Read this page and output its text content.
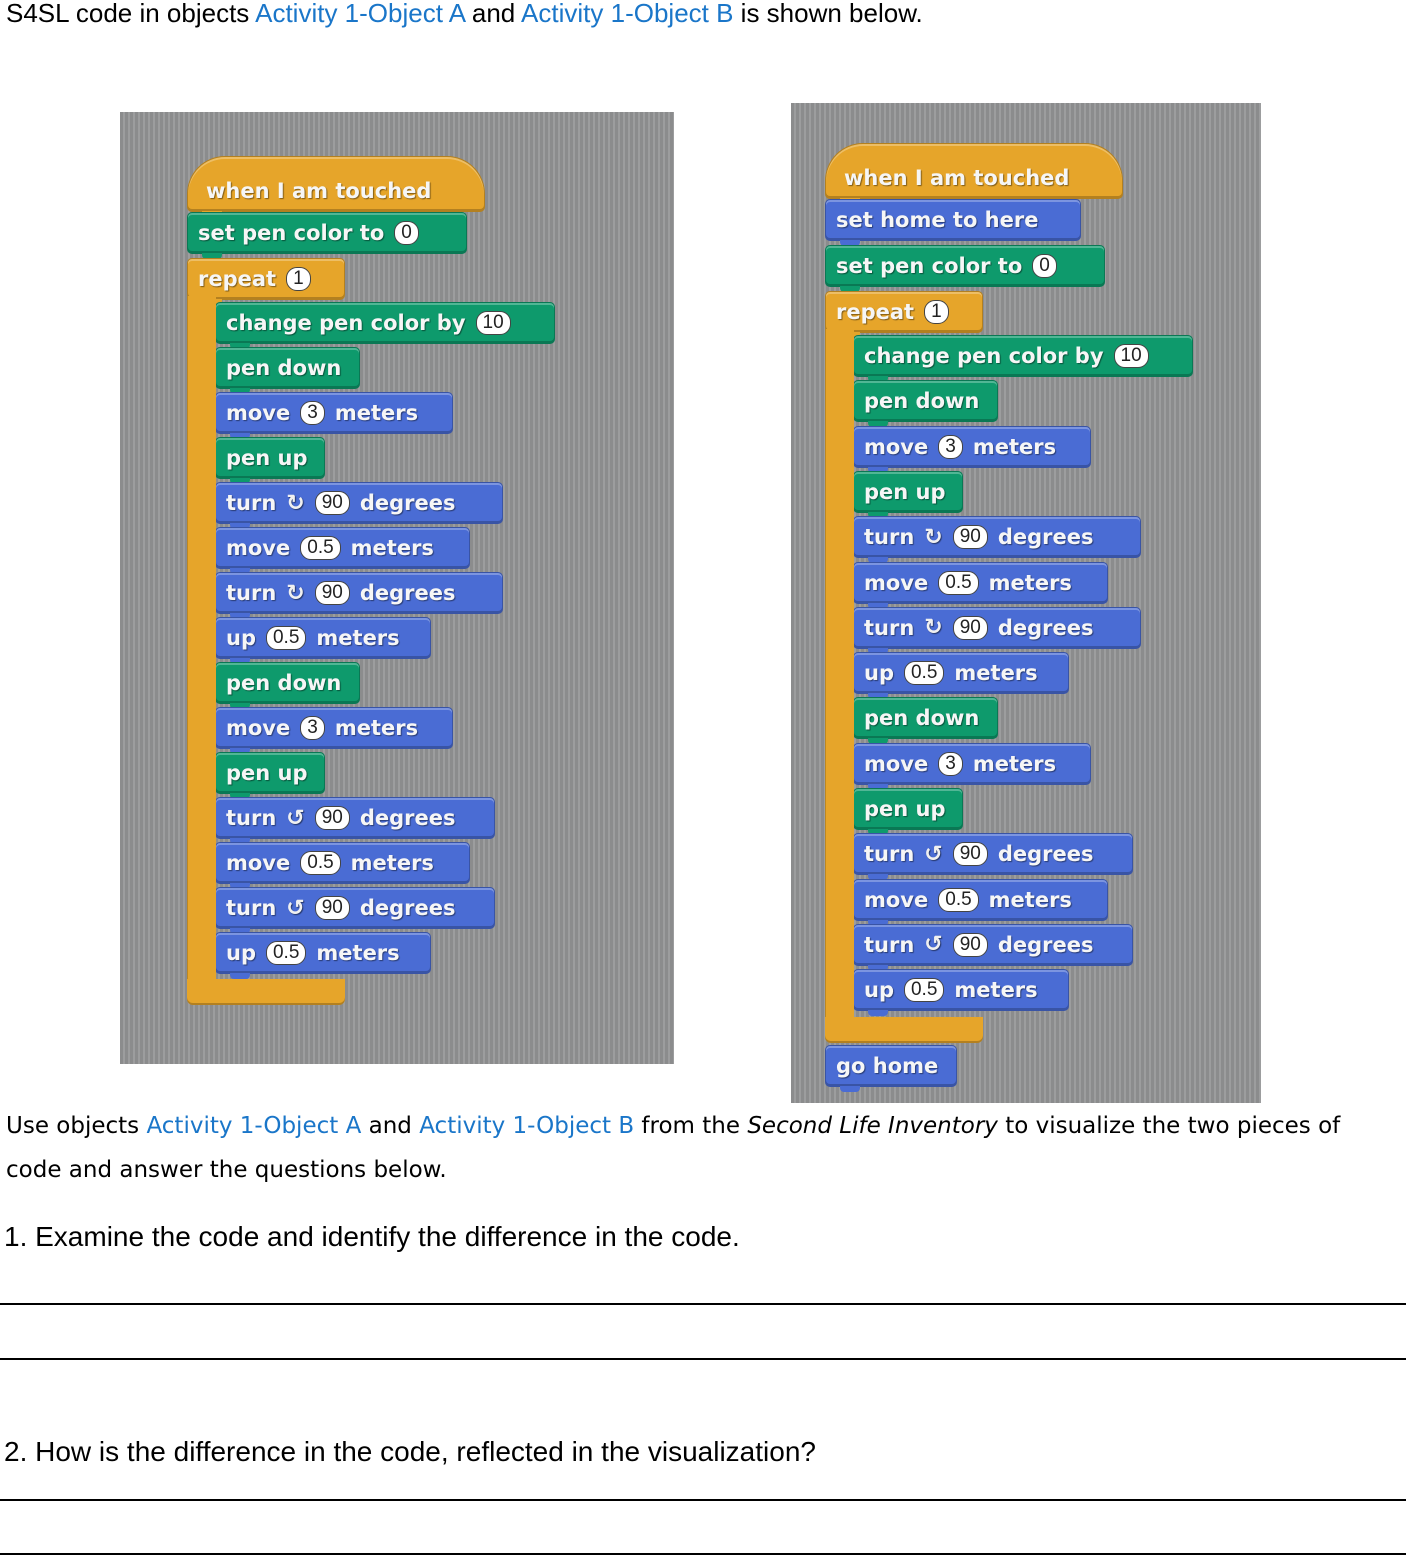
S4SL code in objects Activity 1-Object A and Activity 1-Object B is shown below.

when I am touched
set pen color to 0
repeat 1
change pen color by 10
pen down
move 3 meters
pen up
turn ↻ 90 degrees
move 0.5 meters
turn ↻ 90 degrees
up 0.5 meters
pen down
move 3 meters
pen up
turn ↺ 90 degrees
move 0.5 meters
turn ↺ 90 degrees
up 0.5 meters
when I am touched
set home to here
set pen color to 0
repeat 1
change pen color by 10
pen down
move 3 meters
pen up
turn ↻ 90 degrees
move 0.5 meters
turn ↻ 90 degrees
up 0.5 meters
pen down
move 3 meters
pen up
turn ↺ 90 degrees
move 0.5 meters
turn ↺ 90 degrees
up 0.5 meters
go home

Use objects Activity 1-Object A and Activity 1-Object B from the Second Life Inventory to visualize the two pieces of code and answer the questions below.

1. Examine the code and identify the difference in the code.

2. How is the difference in the code, reflected in the visualization?
